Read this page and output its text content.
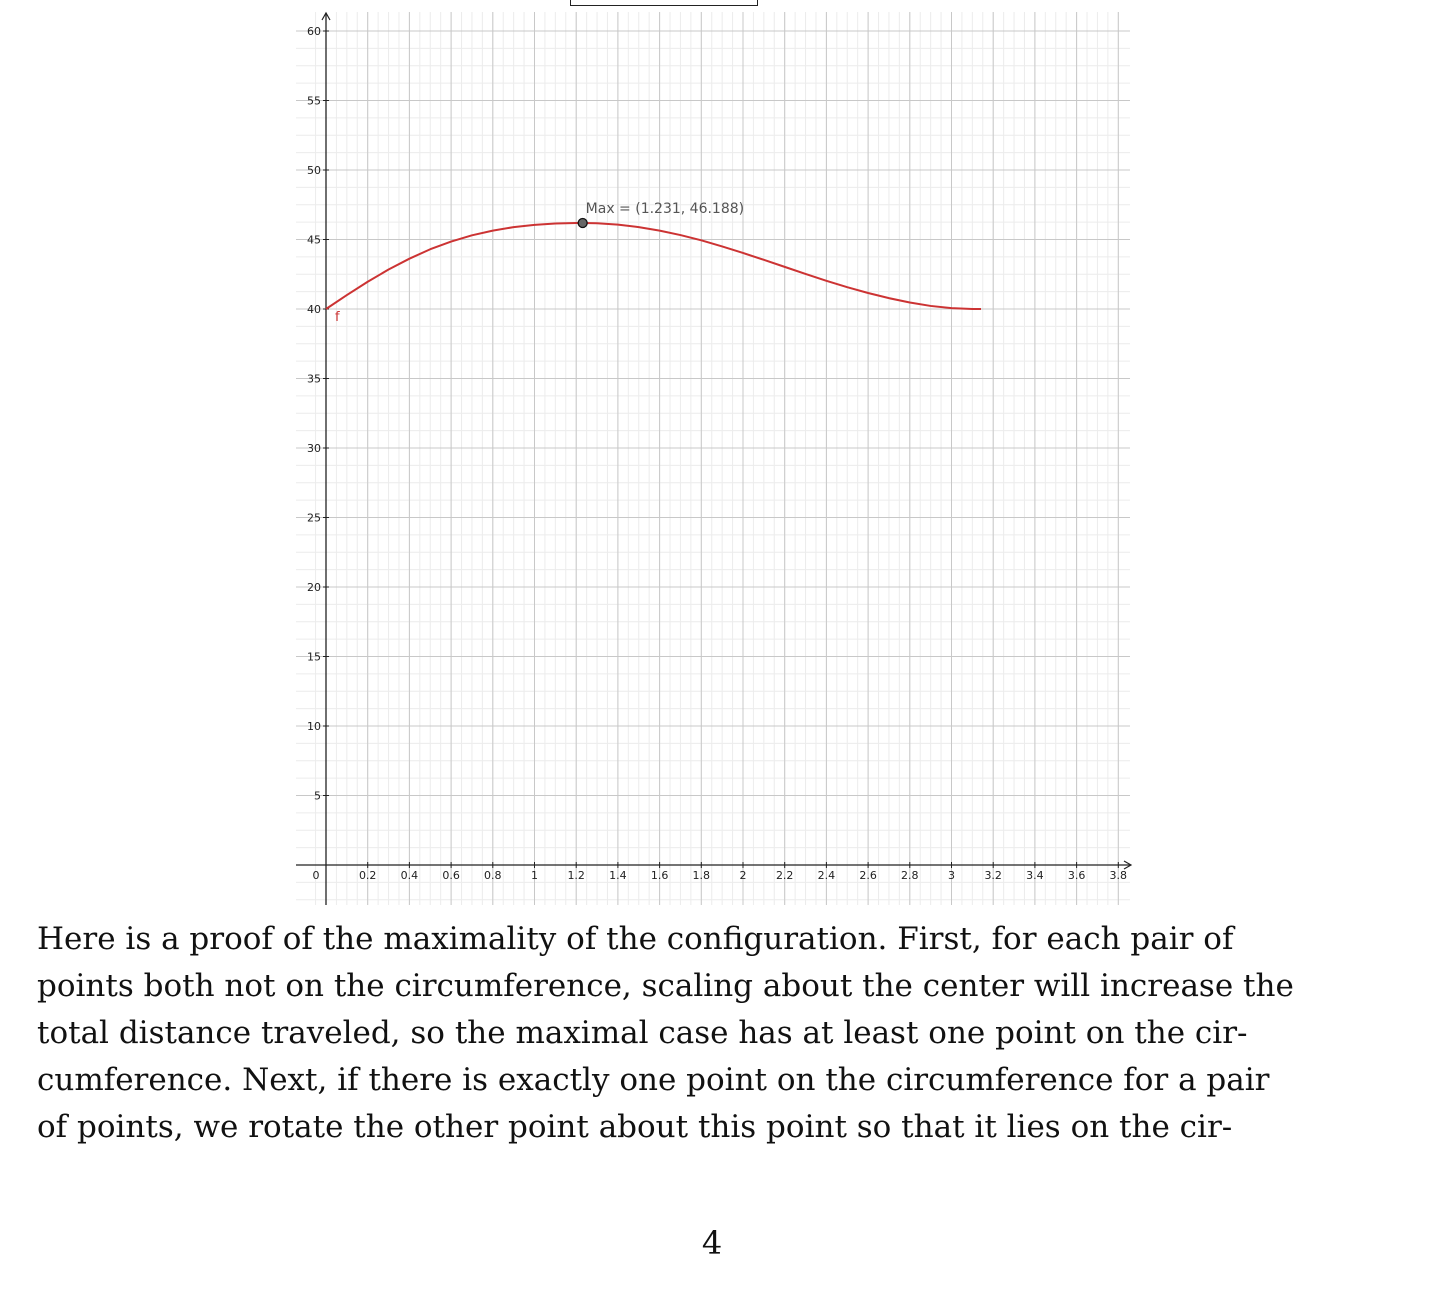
0.2 0.4 0.6 0.8	1	1.2 1.4 1.6 1.8	2	2.2 2.4 2.6 2.8	3	3.2 3.4 3.6 3.8
0
5
10
15
20
25
30
35
40
45
50
55
60
f
Max = (1.231, 46.188)

Here is a proof of the maximality of the configuration. First, for each pair of
points both not on the circumference, scaling about the center will increase the
total distance traveled, so the maximal case has at least one point on the cir-
cumference. Next, if there is exactly one point on the circumference for a pair
of points, we rotate the other point about this point so that it lies on the cir-

4
